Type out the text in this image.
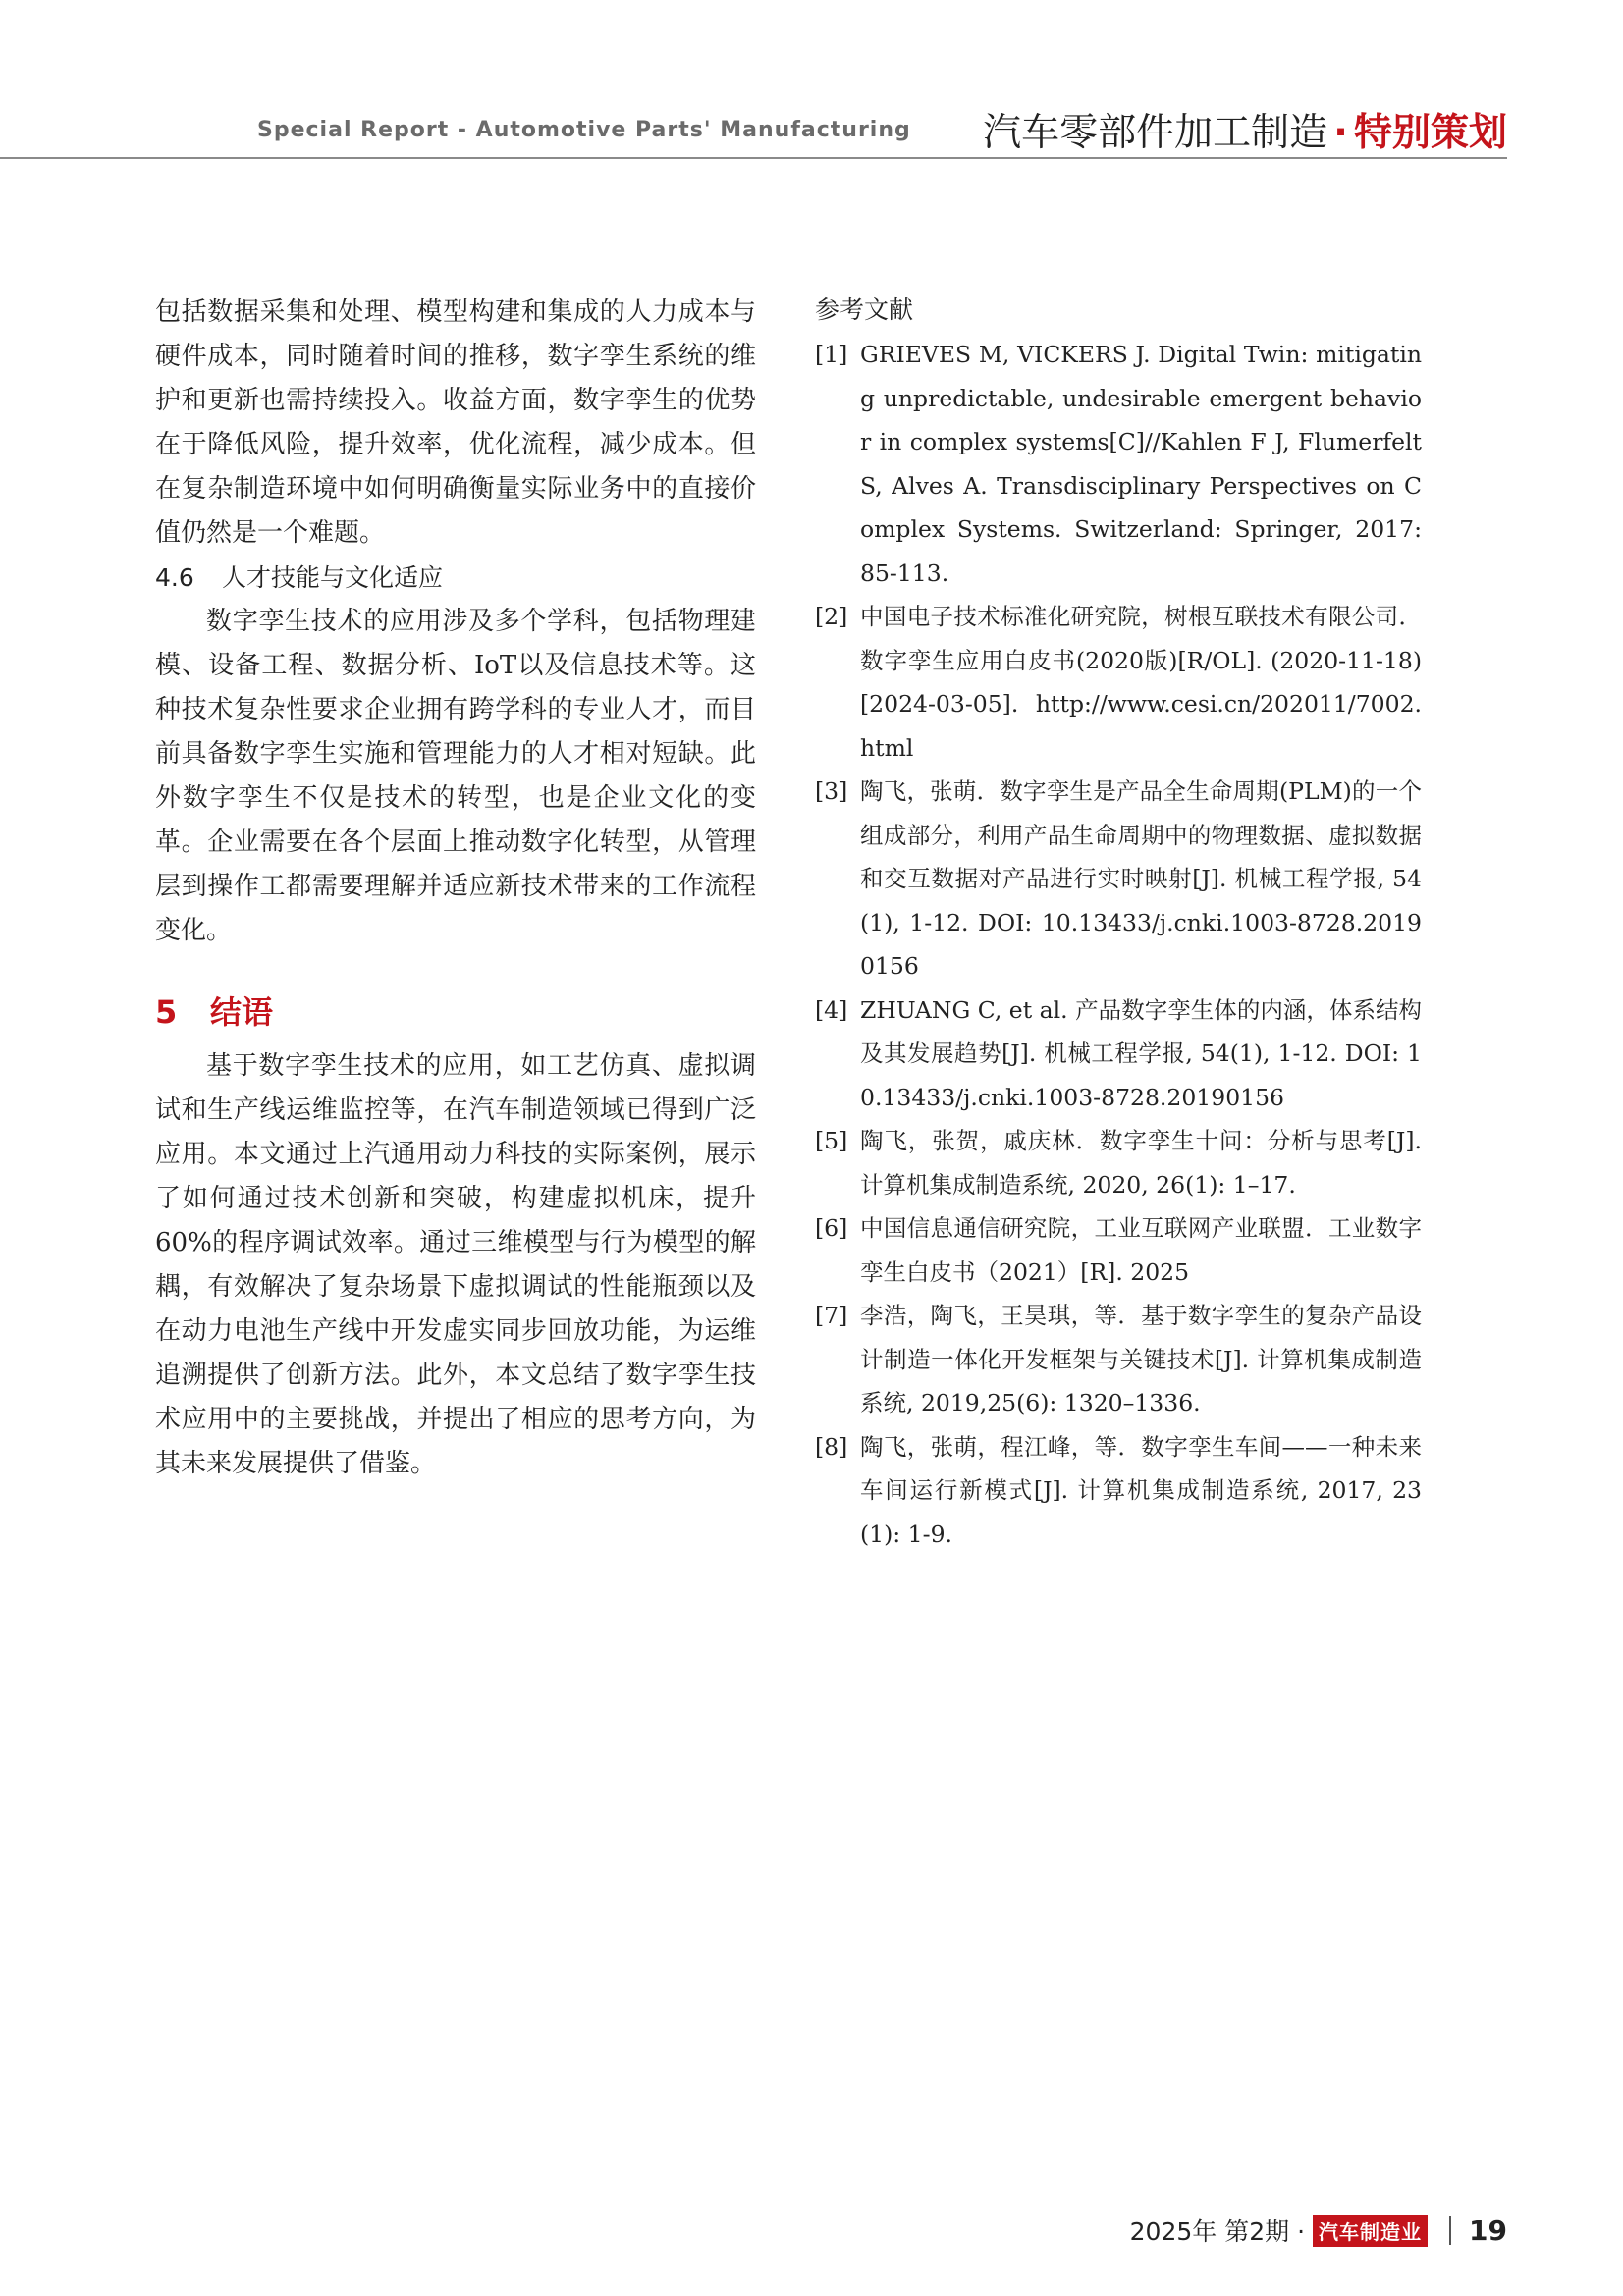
Special Report - Automotive Parts' Manufacturing 汽车零部件加工制造 · 特别策划

包括数据采集和处理、模型构建和集成的人力成本与硬件成本，同时随着时间的推移，数字孪生系统的维护和更新也需持续投入。收益方面，数字孪生的优势在于降低风险，提升效率，优化流程，减少成本。但在复杂制造环境中如何明确衡量实际业务中的直接价值仍然是一个难题。

4.6 人才技能与文化适应

数字孪生技术的应用涉及多个学科，包括物理建模、设备工程、数据分析、IoT以及信息技术等。这种技术复杂性要求企业拥有跨学科的专业人才，而目前具备数字孪生实施和管理能力的人才相对短缺。此外数字孪生不仅是技术的转型，也是企业文化的变革。企业需要在各个层面上推动数字化转型，从管理层到操作工都需要理解并适应新技术带来的工作流程变化。

5 结语

基于数字孪生技术的应用，如工艺仿真、虚拟调试和生产线运维监控等，在汽车制造领域已得到广泛应用。本文通过上汽通用动力科技的实际案例，展示了如何通过技术创新和突破，构建虚拟机床，提升60%的程序调试效率。通过三维模型与行为模型的解耦，有效解决了复杂场景下虚拟调试的性能瓶颈以及在动力电池生产线中开发虚实同步回放功能，为运维追溯提供了创新方法。此外，本文总结了数字孪生技术应用中的主要挑战，并提出了相应的思考方向，为其未来发展提供了借鉴。

参考文献

[1] GRIEVES M, VICKERS J. Digital Twin: mitigating unpredictable, undesirable emergent behavior in complex systems[C]//Kahlen F J, Flumerfelt S, Alves A. Transdisciplinary Perspectives on Complex Systems. Switzerland: Springer, 2017: 85-113.
[2] 中国电子技术标准化研究院，树根互联技术有限公司．数字孪生应用白皮书(2020版)[R/OL]. (2020-11-18) [2024-03-05]. http://www.cesi.cn/202011/7002.html
[3] 陶飞，张萌．数字孪生是产品全生命周期(PLM)的一个组成部分，利用产品生命周期中的物理数据、虚拟数据和交互数据对产品进行实时映射[J]. 机械工程学报, 54(1), 1-12. DOI: 10.13433/j.cnki.1003-8728.20190156
[4] ZHUANG C, et al. 产品数字孪生体的内涵，体系结构及其发展趋势[J]. 机械工程学报, 54(1), 1-12. DOI: 10.13433/j.cnki.1003-8728.20190156
[5] 陶飞，张贺，戚庆林．数字孪生十问：分析与思考[J]. 计算机集成制造系统, 2020, 26(1): 1–17.
[6] 中国信息通信研究院，工业互联网产业联盟．工业数字孪生白皮书（2021）[R]. 2025
[7] 李浩，陶飞，王昊琪，等．基于数字孪生的复杂产品设计制造一体化开发框架与关键技术[J]. 计算机集成制造系统, 2019,25(6): 1320–1336.
[8] 陶飞，张萌，程江峰，等．数字孪生车间——一种未来车间运行新模式[J]. 计算机集成制造系统, 2017, 23(1): 1-9.
2025年 第2期 · 汽车制造业 19
